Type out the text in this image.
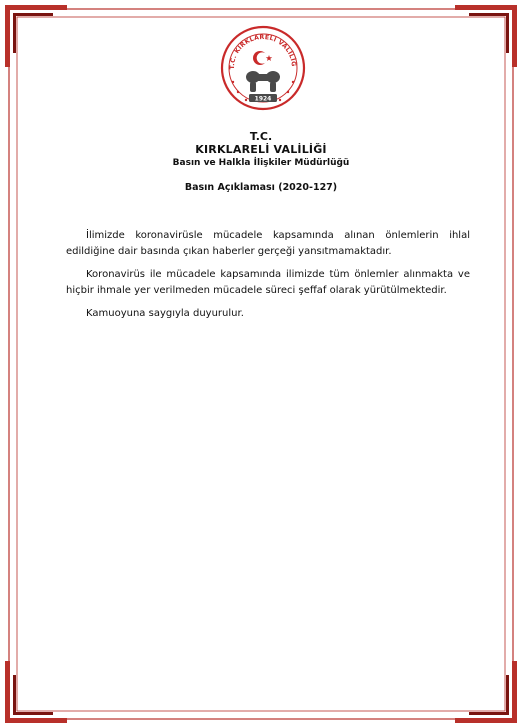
T.C. KIRKLARELİ VALİLİĞ
1924
T.C.
KIRKLARELİ VALİLİĞİ
Basın ve Halkla İlişkiler Müdürlüğü
Basın Açıklaması (2020-127)

İlimizde koronavirüsle mücadele kapsamında alınan önlemlerin ihlal edildiğine dair basında çıkan haberler gerçeği yansıtmamaktadır.

Koronavirüs ile mücadele kapsamında ilimizde tüm önlemler alınmakta ve hiçbir ihmale yer verilmeden mücadele süreci şeffaf olarak yürütülmektedir.

Kamuoyuna saygıyla duyurulur.
